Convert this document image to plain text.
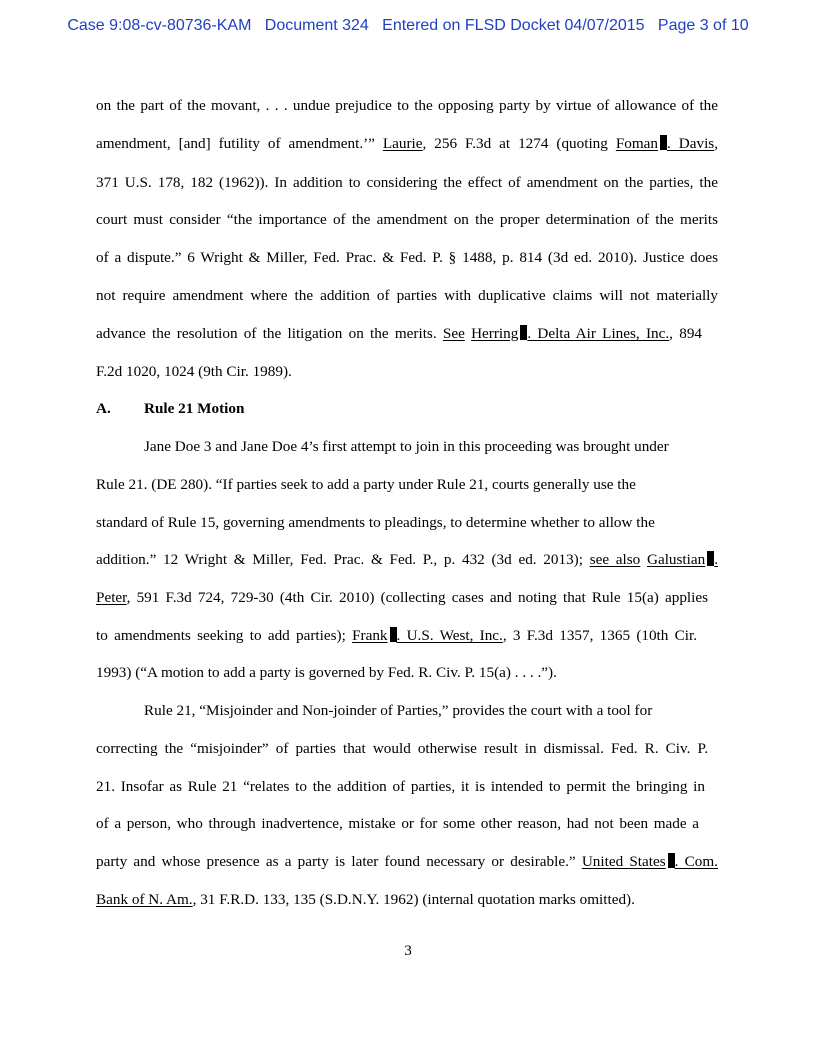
Case 9:08-cv-80736-KAM   Document 324   Entered on FLSD Docket 04/07/2015   Page 3 of 10
on the part of the movant, . . . undue prejudice to the opposing party by virtue of allowance of the
amendment, [and] futility of amendment.’” Laurie, 256 F.3d at 1274 (quoting Foman . Davis,
371 U.S. 178, 182 (1962)). In addition to considering the effect of amendment on the parties, the
court must consider “the importance of the amendment on the proper determination of the merits
of a dispute.” 6 Wright & Miller, Fed. Prac. & Fed. P. § 1488, p. 814 (3d ed. 2010). Justice does
not require amendment where the addition of parties with duplicative claims will not materially
advance the resolution of the litigation on the merits. See Herring . Delta Air Lines, Inc., 894
F.2d 1020, 1024 (9th Cir. 1989).
A. Rule 21 Motion
Jane Doe 3 and Jane Doe 4’s first attempt to join in this proceeding was brought under
Rule 21. (DE 280). “If parties seek to add a party under Rule 21, courts generally use the
standard of Rule 15, governing amendments to pleadings, to determine whether to allow the
addition.” 12 Wright & Miller, Fed. Prac. & Fed. P., p. 432 (3d ed. 2013); see also Galustian .
Peter, 591 F.3d 724, 729-30 (4th Cir. 2010) (collecting cases and noting that Rule 15(a) applies
to amendments seeking to add parties); Frank . U.S. West, Inc., 3 F.3d 1357, 1365 (10th Cir.
1993) (“A motion to add a party is governed by Fed. R. Civ. P. 15(a) . . . .”).
Rule 21, “Misjoinder and Non-joinder of Parties,” provides the court with a tool for
correcting the “misjoinder” of parties that would otherwise result in dismissal. Fed. R. Civ. P.
21. Insofar as Rule 21 “relates to the addition of parties, it is intended to permit the bringing in
of a person, who through inadvertence, mistake or for some other reason, had not been made a
party and whose presence as a party is later found necessary or desirable.” United States . Com.
Bank of N. Am., 31 F.R.D. 133, 135 (S.D.N.Y. 1962) (internal quotation marks omitted).
3
